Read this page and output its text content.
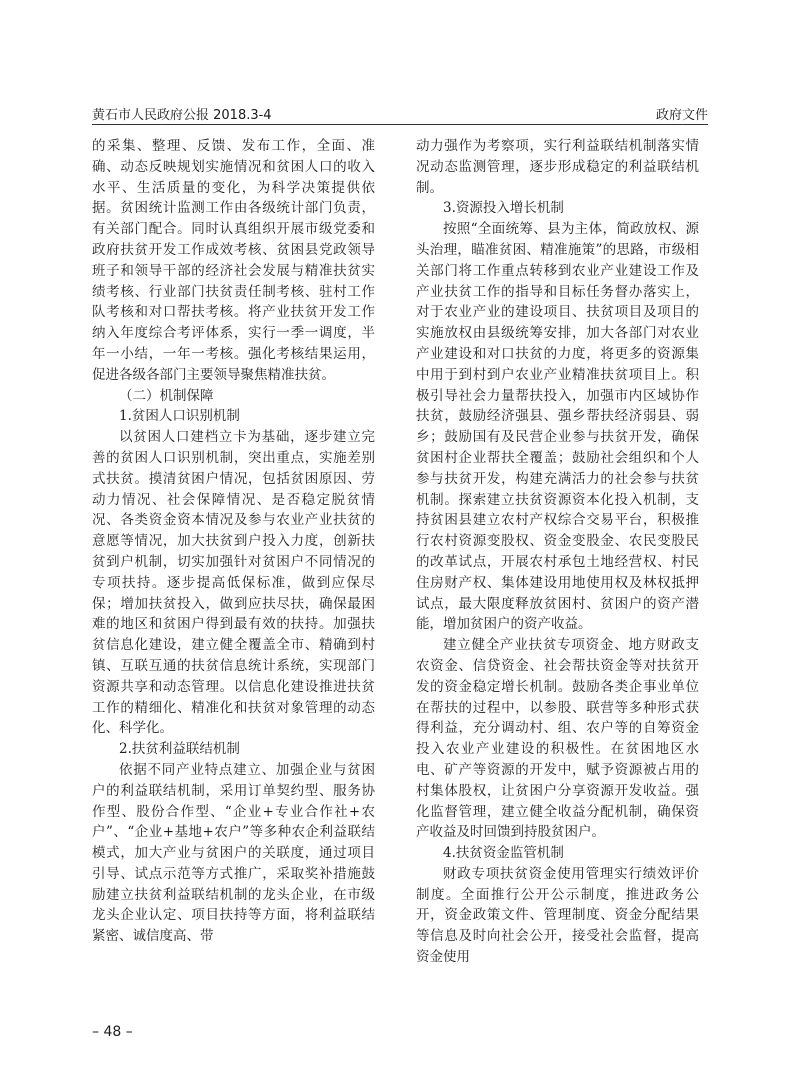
黄石市人民政府公报 2018.3-4	政府文件

的采集、整理、反馈、发布工作，全面、准确、动态反映规划实施情况和贫困人口的收入水平、生活质量的变化，为科学决策提供依据。贫困统计监测工作由各级统计部门负责，有关部门配合。同时认真组织开展市级党委和政府扶贫开发工作成效考核、贫困县党政领导班子和领导干部的经济社会发展与精准扶贫实绩考核、行业部门扶贫责任制考核、驻村工作队考核和对口帮扶考核。将产业扶贫开发工作纳入年度综合考评体系，实行一季一调度，半年一小结，一年一考核。强化考核结果运用，促进各级各部门主要领导聚焦精准扶贫。

（二）机制保障

1.贫困人口识别机制

以贫困人口建档立卡为基础，逐步建立完善的贫困人口识别机制，突出重点，实施差别式扶贫。摸清贫困户情况，包括贫困原因、劳动力情况、社会保障情况、是否稳定脱贫情况、各类资金资本情况及参与农业产业扶贫的意愿等情况，加大扶贫到户投入力度，创新扶贫到户机制，切实加强针对贫困户不同情况的专项扶持。逐步提高低保标准，做到应保尽保；增加扶贫投入，做到应扶尽扶，确保最困难的地区和贫困户得到最有效的扶持。加强扶贫信息化建设，建立健全覆盖全市、精确到村镇、互联互通的扶贫信息统计系统，实现部门资源共享和动态管理。以信息化建设推进扶贫工作的精细化、精准化和扶贫对象管理的动态化、科学化。

2.扶贫利益联结机制

依据不同产业特点建立、加强企业与贫困户的利益联结机制，采用订单契约型、服务协作型、股份合作型、“企业+专业合作社+农户”、“企业+基地+农户”等多种农企利益联结模式，加大产业与贫困户的关联度，通过项目引导、试点示范等方式推广，采取奖补措施鼓励建立扶贫利益联结机制的龙头企业，在市级龙头企业认定、项目扶持等方面，将利益联结紧密、诚信度高、带

动力强作为考察项，实行利益联结机制落实情况动态监测管理，逐步形成稳定的利益联结机制。

3.资源投入增长机制

按照“全面统筹、县为主体，简政放权、源头治理，瞄准贫困、精准施策”的思路，市级相关部门将工作重点转移到农业产业建设工作及产业扶贫工作的指导和目标任务督办落实上，对于农业产业的建设项目、扶贫项目及项目的实施放权由县级统筹安排，加大各部门对农业产业建设和对口扶贫的力度，将更多的资源集中用于到村到户农业产业精准扶贫项目上。积极引导社会力量帮扶投入，加强市内区域协作扶贫，鼓励经济强县、强乡帮扶经济弱县、弱乡；鼓励国有及民营企业参与扶贫开发，确保贫困村企业帮扶全覆盖；鼓励社会组织和个人参与扶贫开发，构建充满活力的社会参与扶贫机制。探索建立扶贫资源资本化投入机制，支持贫困县建立农村产权综合交易平台，积极推行农村资源变股权、资金变股金、农民变股民的改革试点，开展农村承包土地经营权、村民住房财产权、集体建设用地使用权及林权抵押试点，最大限度释放贫困村、贫困户的资产潜能，增加贫困户的资产收益。

建立健全产业扶贫专项资金、地方财政支农资金、信贷资金、社会帮扶资金等对扶贫开发的资金稳定增长机制。鼓励各类企事业单位在帮扶的过程中，以参股、联营等多种形式获得利益，充分调动村、组、农户等的自筹资金投入农业产业建设的积极性。在贫困地区水电、矿产等资源的开发中，赋予资源被占用的村集体股权，让贫困户分享资源开发收益。强化监督管理，建立健全收益分配机制，确保资产收益及时回馈到持股贫困户。

4.扶贫资金监管机制

财政专项扶贫资金使用管理实行绩效评价制度。全面推行公开公示制度，推进政务公开，资金政策文件、管理制度、资金分配结果等信息及时向社会公开，接受社会监督，提高资金使用

– 48 –
